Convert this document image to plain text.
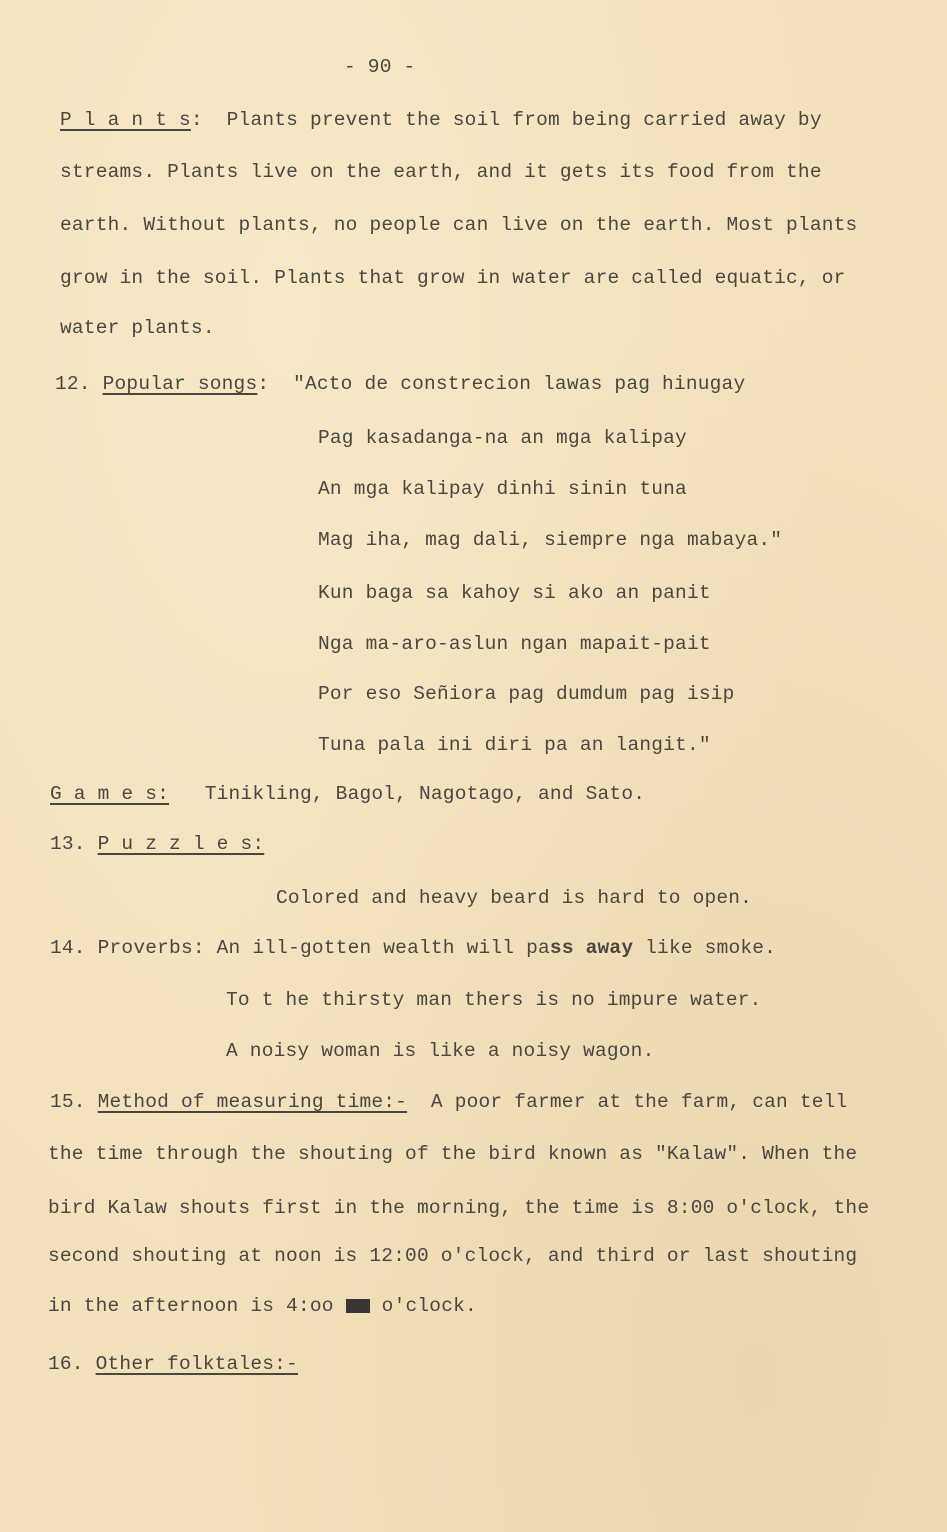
- 90 -
P l a n t s: Plants prevent the soil from being carried away by
streams. Plants live on the earth, and it gets its food from the
earth. Without plants, no people can live on the earth. Most plants
grow in the soil. Plants that grow in water are called equatic, or
water plants.
12. Popular songs: "Acto de constrecion lawas pag hinugay
Pag kasadanga-na an mga kalipay
An mga kalipay dinhi sinin tuna
Mag iha, mag dali, siempre nga mabaya."
Kun baga sa kahoy si ako an panit
Nga ma-aro-aslun ngan mapait-pait
Por eso Señiora pag dumdum pag isip
Tuna pala ini diri pa an langit."
G a m e s: Tinikling, Bagol, Nagotago, and Sato.
13. P u z z l e s:
Colored and heavy beard is hard to open.
14. Proverbs: An ill-gotten wealth will pass away like smoke.
To t he thirsty man thers is no impure water.
A noisy woman is like a noisy wagon.
15. Method of measuring time:- A poor farmer at the farm, can tell
the time through the shouting of the bird known as "Kalaw". When the
bird Kalaw shouts first in the morning, the time is 8:00 o'clock, the
second shouting at noon is 12:00 o'clock, and third or last shouting
in the afternoon is 4:oo xxx o'clock.
16. Other folktales:-
